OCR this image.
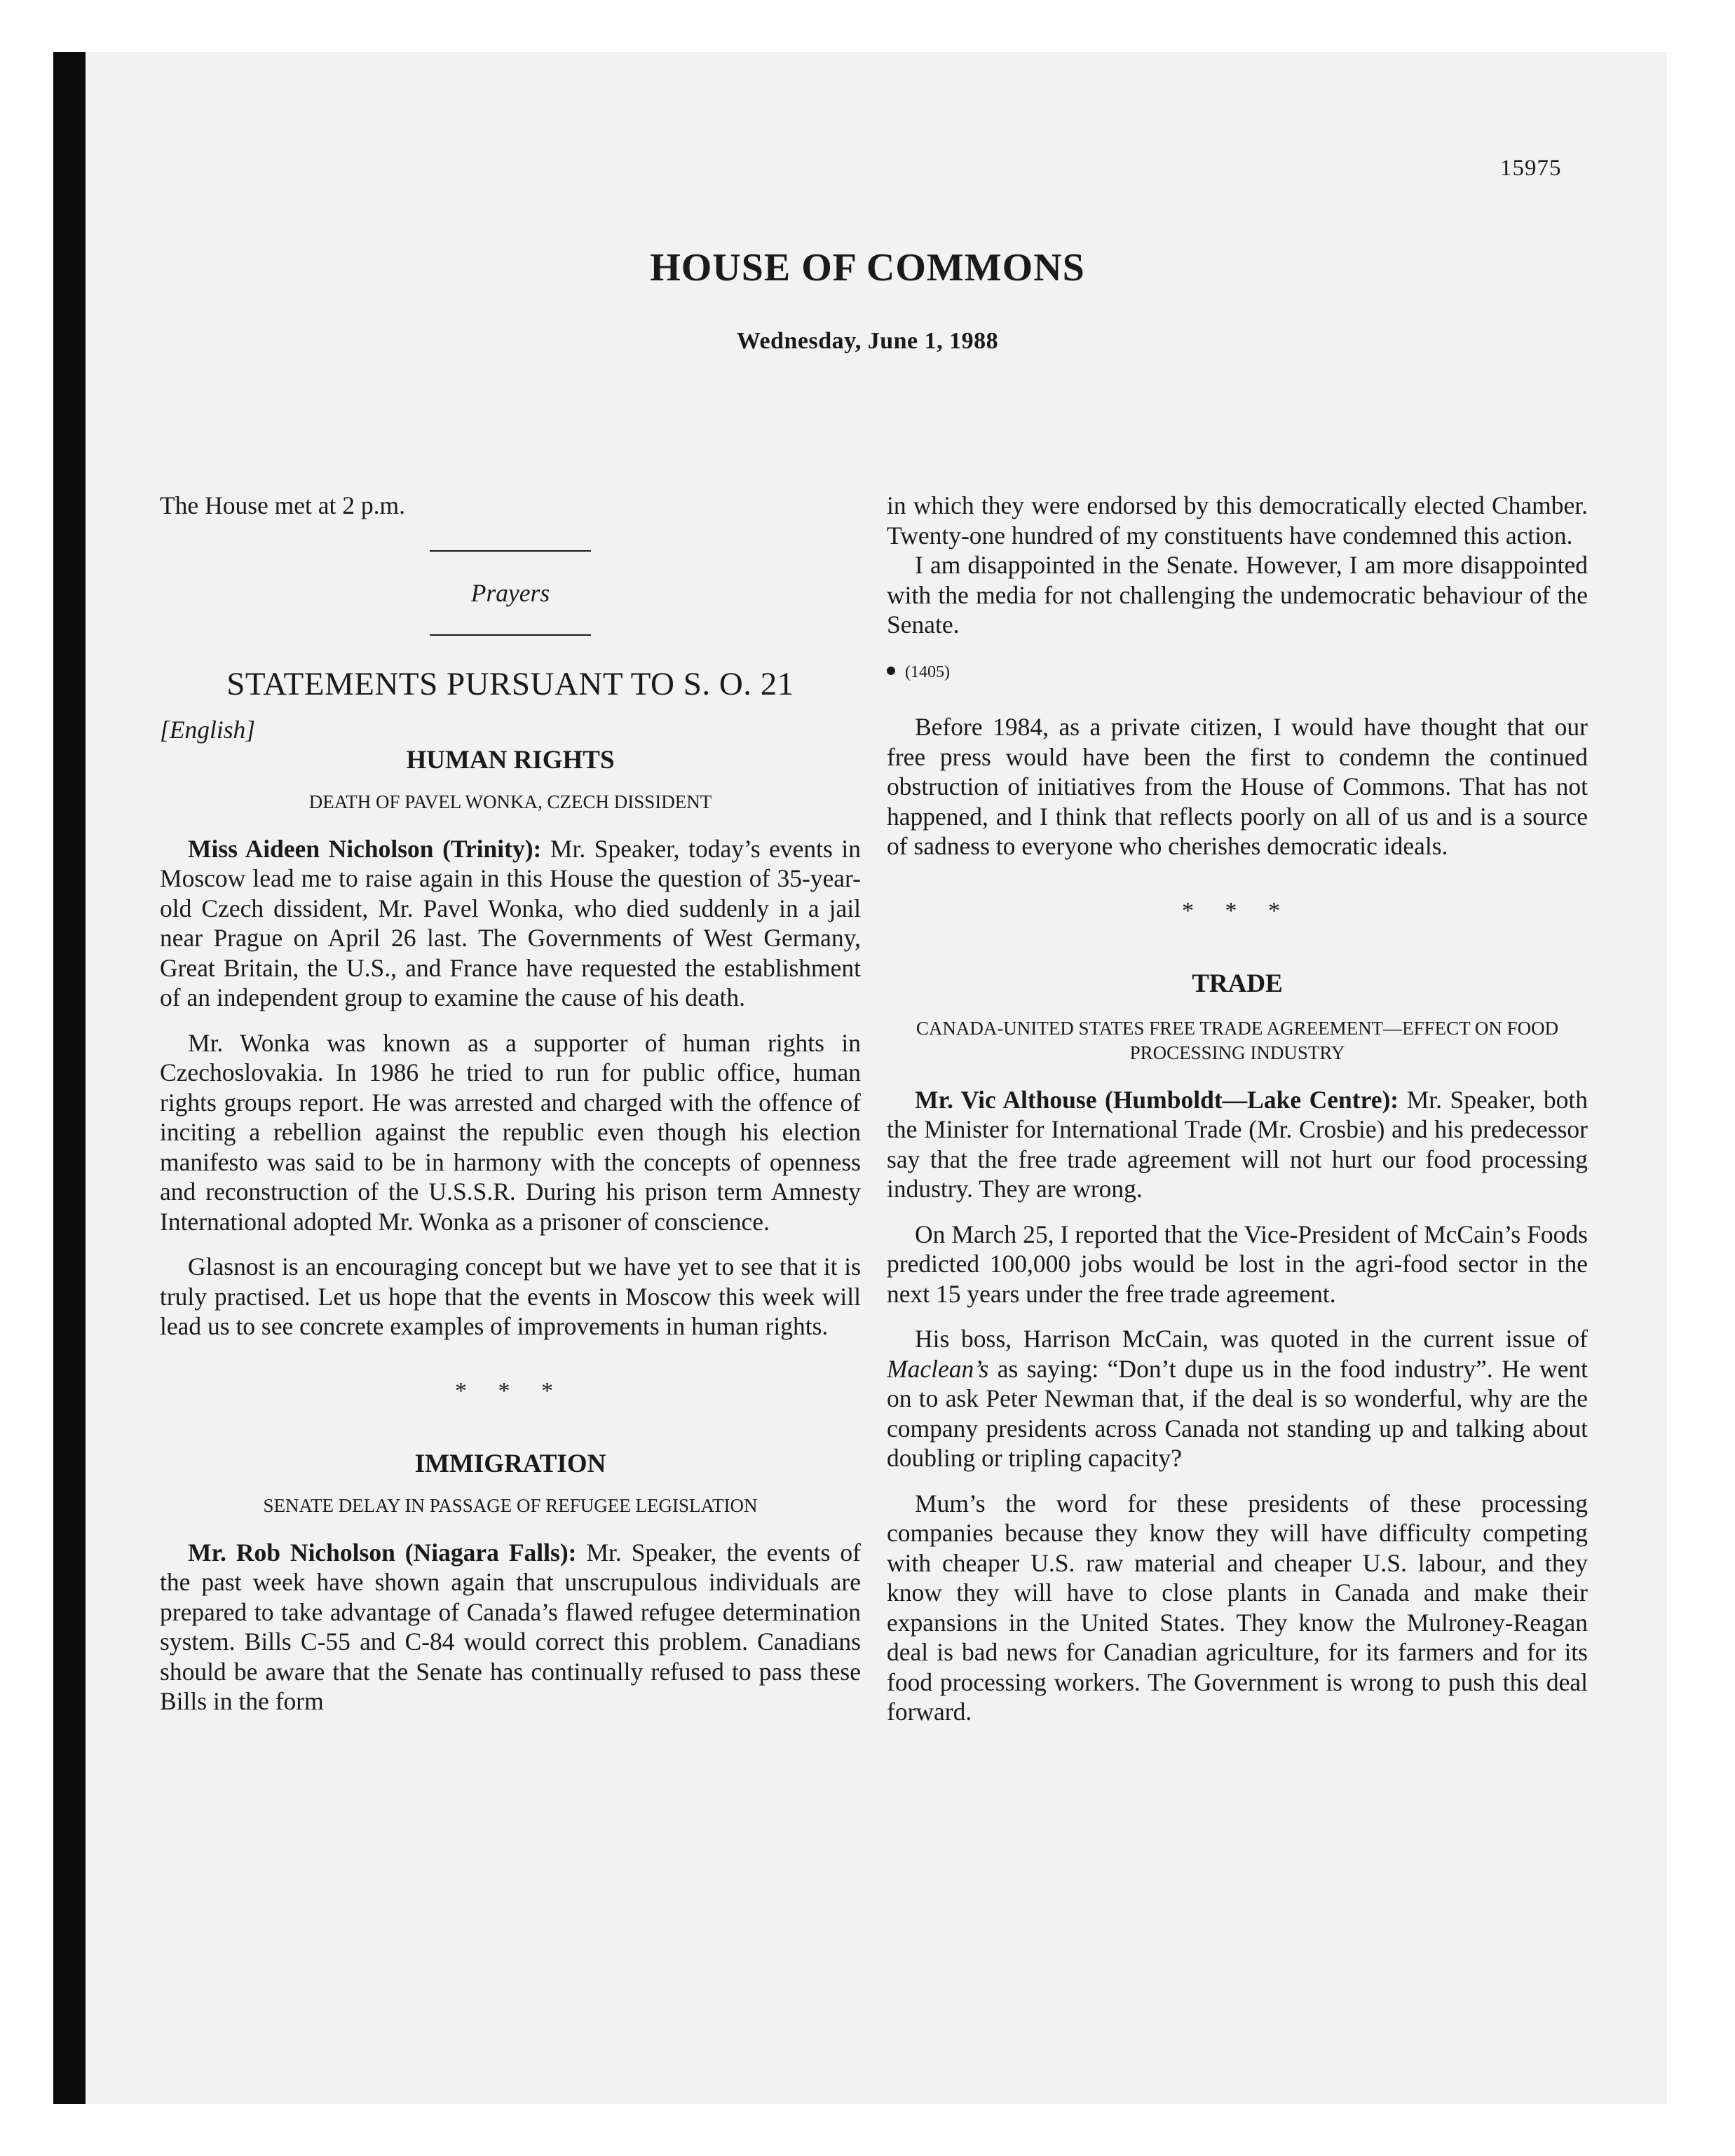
15975
HOUSE OF COMMONS
Wednesday, June 1, 1988

The House met at 2 p.m.

Prayers

STATEMENTS PURSUANT TO S. O. 21

[English]

HUMAN RIGHTS

DEATH OF PAVEL WONKA, CZECH DISSIDENT

Miss Aideen Nicholson (Trinity): Mr. Speaker, today’s events in Moscow lead me to raise again in this House the question of 35-year-old Czech dissident, Mr. Pavel Wonka, who died suddenly in a jail near Prague on April 26 last. The Governments of West Germany, Great Britain, the U.S., and France have requested the establishment of an independent group to examine the cause of his death.

Mr. Wonka was known as a supporter of human rights in Czechoslovakia. In 1986 he tried to run for public office, human rights groups report. He was arrested and charged with the offence of inciting a rebellion against the republic even though his election manifesto was said to be in harmony with the concepts of openness and reconstruction of the U.S.S.R. During his prison term Amnesty International adopted Mr. Wonka as a prisoner of conscience.

Glasnost is an encouraging concept but we have yet to see that it is truly practised. Let us hope that the events in Moscow this week will lead us to see concrete examples of improvements in human rights.

* * *

IMMIGRATION

SENATE DELAY IN PASSAGE OF REFUGEE LEGISLATION

Mr. Rob Nicholson (Niagara Falls): Mr. Speaker, the events of the past week have shown again that unscrupulous individuals are prepared to take advantage of Canada’s flawed refugee determination system. Bills C-55 and C-84 would correct this problem. Canadians should be aware that the Senate has continually refused to pass these Bills in the form

in which they were endorsed by this democratically elected Chamber. Twenty-one hundred of my constituents have condemned this action.

I am disappointed in the Senate. However, I am more disappointed with the media for not challenging the undemocratic behaviour of the Senate.

(1405)

Before 1984, as a private citizen, I would have thought that our free press would have been the first to condemn the continued obstruction of initiatives from the House of Commons. That has not happened, and I think that reflects poorly on all of us and is a source of sadness to everyone who cherishes democratic ideals.

* * *

TRADE

CANADA-UNITED STATES FREE TRADE AGREEMENT—EFFECT ON FOOD PROCESSING INDUSTRY

Mr. Vic Althouse (Humboldt—Lake Centre): Mr. Speaker, both the Minister for International Trade (Mr. Crosbie) and his predecessor say that the free trade agreement will not hurt our food processing industry. They are wrong.

On March 25, I reported that the Vice-President of McCain’s Foods predicted 100,000 jobs would be lost in the agri-food sector in the next 15 years under the free trade agreement.

His boss, Harrison McCain, was quoted in the current issue of Maclean’s as saying: “Don’t dupe us in the food industry”. He went on to ask Peter Newman that, if the deal is so wonderful, why are the company presidents across Canada not standing up and talking about doubling or tripling capacity?

Mum’s the word for these presidents of these processing companies because they know they will have difficulty competing with cheaper U.S. raw material and cheaper U.S. labour, and they know they will have to close plants in Canada and make their expansions in the United States. They know the Mulroney-Reagan deal is bad news for Canadian agriculture, for its farmers and for its food processing workers. The Government is wrong to push this deal forward.
